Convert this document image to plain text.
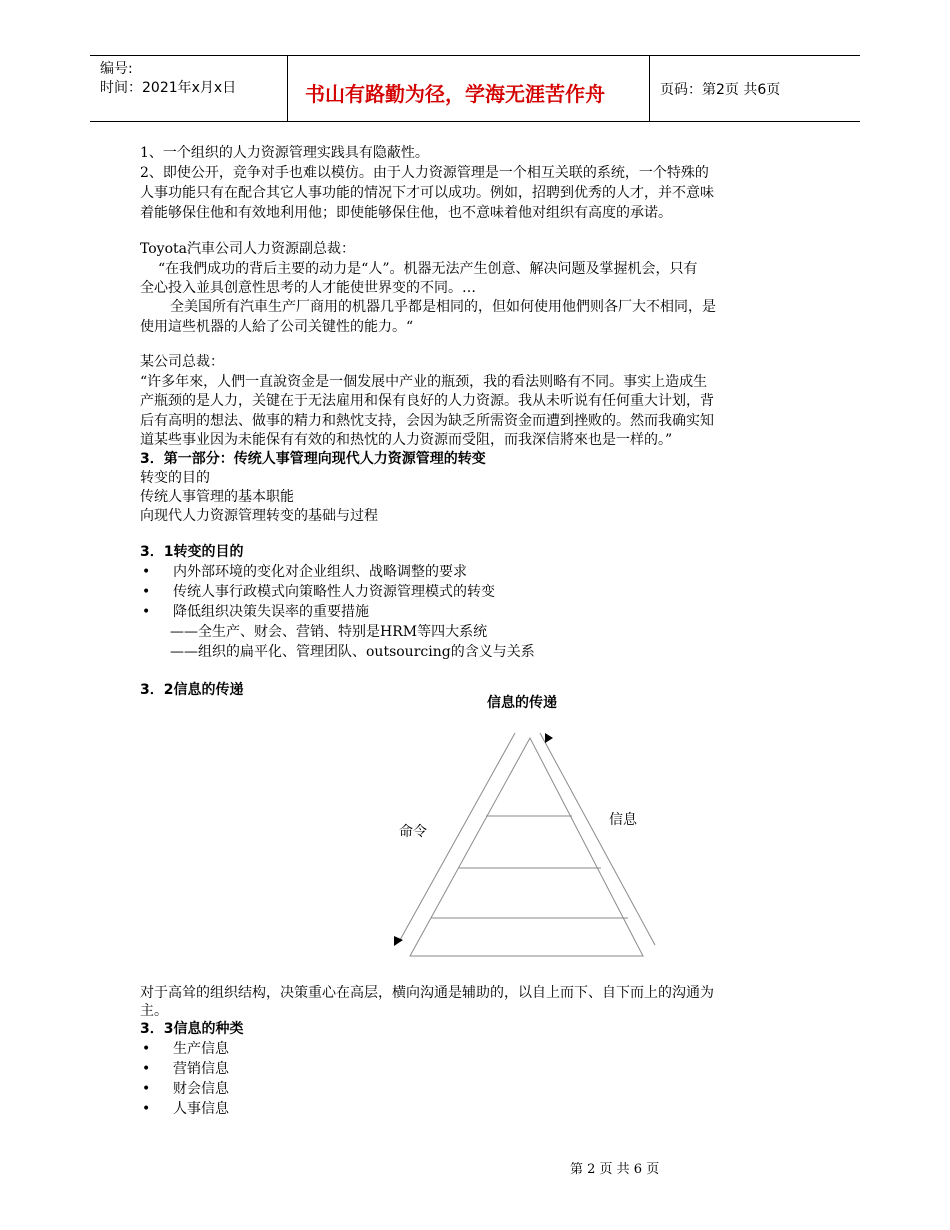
编号:
时间：2021年x月x日	书山有路勤为径，学海无涯苦作舟	页码：第2页 共6页
1、一个组织的人力资源管理实践具有隐蔽性。
2、即使公开，竞争对手也难以模仿。由于人力资源管理是一个相互关联的系统，一个特殊的
人事功能只有在配合其它人事功能的情况下才可以成功。例如，招聘到优秀的人才，并不意味
着能够保住他和有效地利用他；即使能够保住他，也不意味着他对组织有高度的承诺。
Toyota汽車公司人力资源副总裁：
“在我們成功的背后主要的动力是“人”。机器无法产生创意、解决问题及掌握机会，只有
全心投入並具创意性思考的人才能使世界变的不同。…
全美国所有汽車生产厂商用的机器几乎都是相同的，但如何使用他們则各厂大不相同，是
使用這些机器的人給了公司关键性的能力。“
某公司总裁：
“许多年來，人們一直說资金是一個发展中产业的瓶颈，我的看法则略有不同。事实上造成生
产瓶颈的是人力，关键在于无法雇用和保有良好的人力资源。我从未听说有任何重大计划，背
后有高明的想法、做事的精力和熱忱支持，会因为缺乏所需资金而遭到挫败的。然而我确实知
道某些事业因为未能保有有效的和热忱的人力资源而受阻，而我深信將來也是一样的。”
3．第一部分：传统人事管理向现代人力资源管理的转变
转变的目的
传统人事管理的基本职能
向现代人力资源管理转变的基础与过程
3．1转变的目的
• 内外部环境的变化对企业组织、战略调整的要求
• 传统人事行政模式向策略性人力资源管理模式的转变
• 降低组织决策失误率的重要措施
——全生产、财会、营销、特别是HRM等四大系统
——组织的扁平化、管理团队、outsourcing的含义与关系
3．2信息的传递
信息的传递
命令
信息
对于高耸的组织结构，决策重心在高层，横向沟通是辅助的，以自上而下、自下而上的沟通为
主。
3．3信息的种类
• 生产信息
• 营销信息
• 财会信息
• 人事信息
第 2 页 共 6 页
